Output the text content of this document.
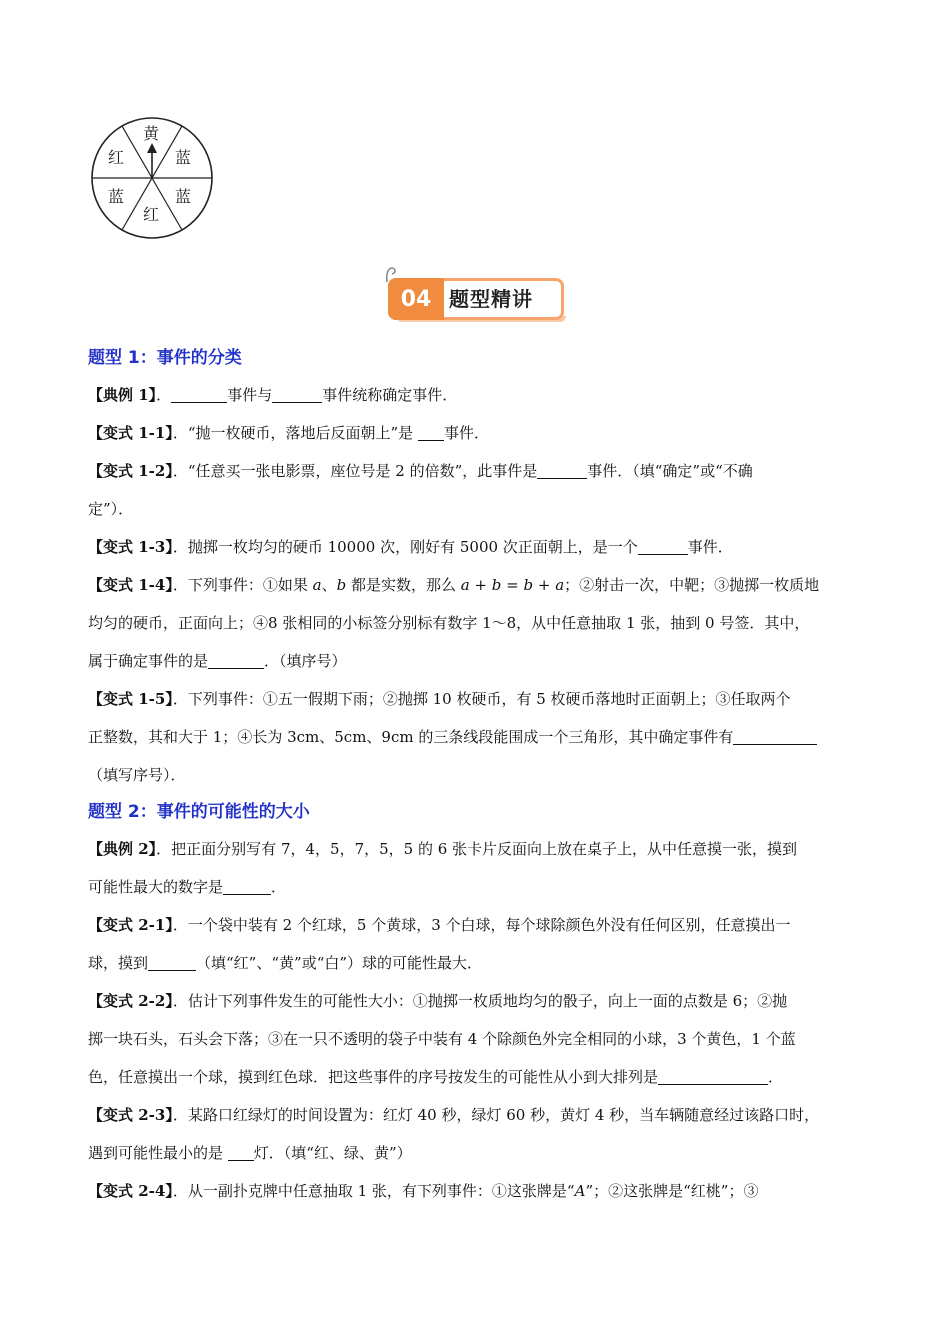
黄
蓝
蓝
红
蓝
红
04 题型精讲
题型 1：事件的分类

【典例 1】．	事件与	事件统称确定事件．

【变式 1-1】．“抛一枚硬币，落地后反面朝上”是 事件．

【变式 1-2】．“任意买一张电影票，座位号是 2 的倍数”，此事件是	事件．（填“确定”或“不确
定”）．

【变式 1-3】．抛掷一枚均匀的硬币 10000 次，刚好有 5000 次正面朝上，是一个	事件．

【变式 1-4】．下列事件：①如果 a、b 都是实数，那么 a + b = b + a；②射击一次，中靶；③抛掷一枚质地
均匀的硬币，正面向上；④8 张相同的小标签分别标有数字 1～8，从中任意抽取 1 张，抽到 0 号签．其中，
属于确定事件的是	．（填序号）

【变式 1-5】．下列事件：①五一假期下雨；②抛掷 10 枚硬币，有 5 枚硬币落地时正面朝上；③任取两个
正整数，其和大于 1；④长为 3cm、5cm、9cm 的三条线段能围成一个三角形，其中确定事件有
（填写序号）．

题型 2：事件的可能性的大小

【典例 2】．把正面分别写有 7，4，5，7，5，5 的 6 张卡片反面向上放在桌子上，从中任意摸一张，摸到
可能性最大的数字是	．

【变式 2-1】．一个袋中装有 2 个红球，5 个黄球，3 个白球，每个球除颜色外没有任何区别，任意摸出一
球，摸到	（填“红”、“黄”或“白”）球的可能性最大．

【变式 2-2】．估计下列事件发生的可能性大小：①抛掷一枚质地均匀的骰子，向上一面的点数是 6；②抛
掷一块石头，石头会下落；③在一只不透明的袋子中装有 4 个除颜色外完全相同的小球，3 个黄色，1 个蓝
色，任意摸出一个球，摸到红色球．把这些事件的序号按发生的可能性从小到大排列是	．

【变式 2-3】．某路口红绿灯的时间设置为：红灯 40 秒，绿灯 60 秒，黄灯 4 秒，当车辆随意经过该路口时，
遇到可能性最小的是 灯．（填“红、绿、黄”）

【变式 2-4】．从一副扑克牌中任意抽取 1 张，有下列事件：①这张牌是“A”；②这张牌是“红桃”；③
